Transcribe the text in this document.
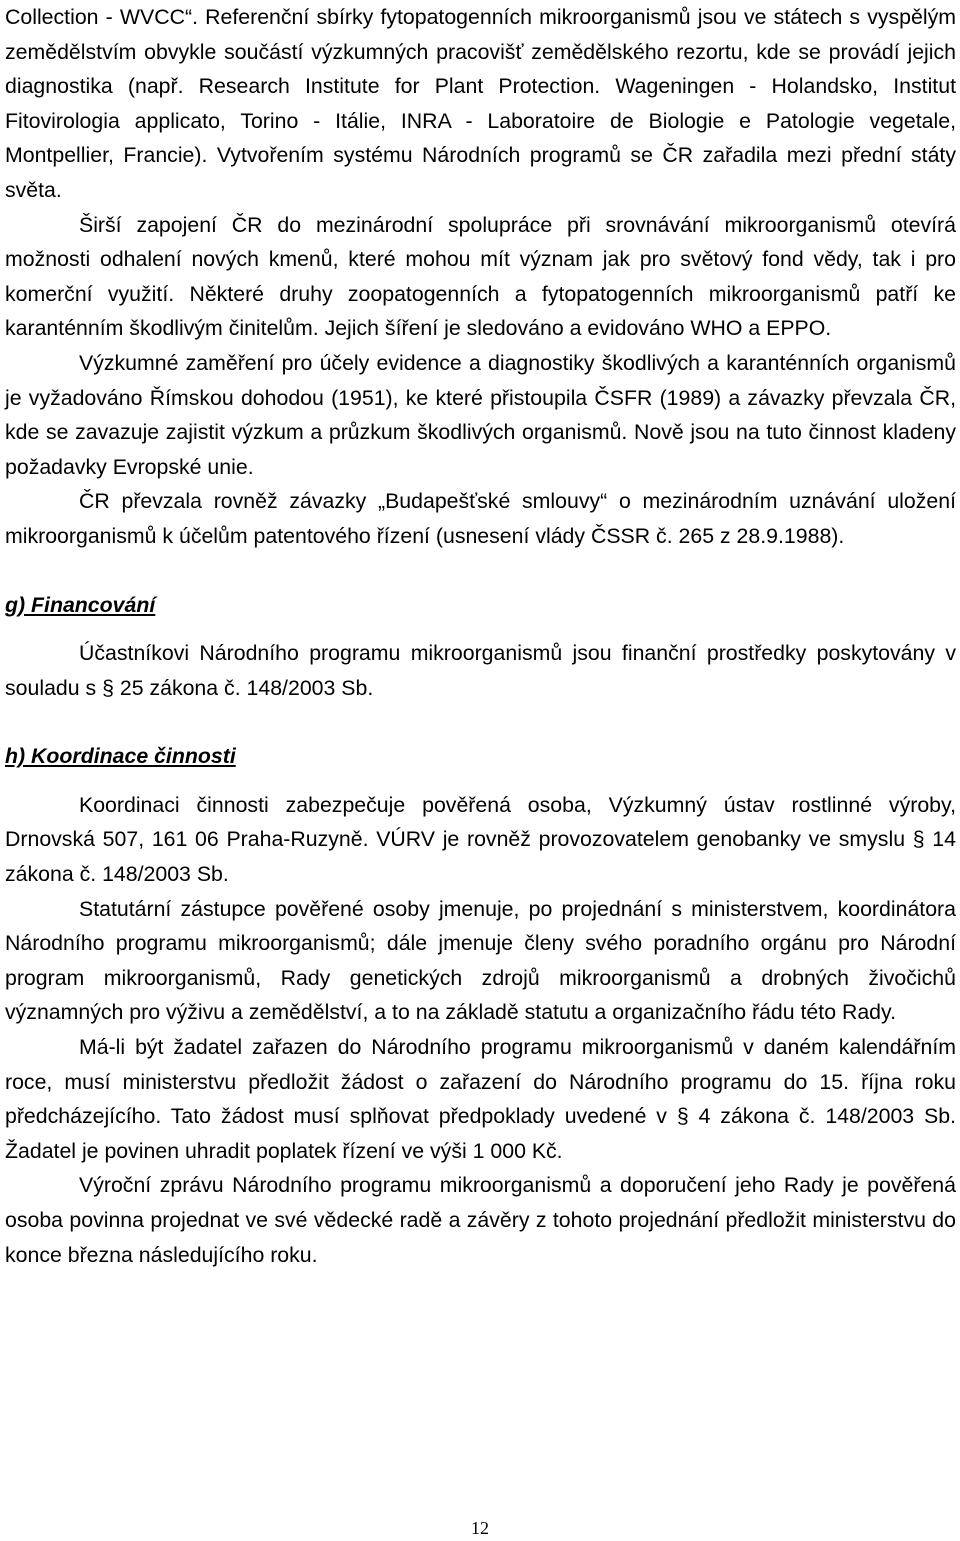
Collection - WVCC“. Referenční sbírky fytopatogenních mikroorganismů jsou ve státech s vyspělým zemědělstvím obvykle součástí výzkumných pracovišť zemědělského rezortu, kde se provádí jejich diagnostika (např. Research Institute for Plant Protection. Wageningen - Holandsko, Institut Fitovirologia applicato, Torino - Itálie, INRA - Laboratoire de Biologie e Patologie vegetale, Montpellier, Francie). Vytvořením systému Národních programů se ČR zařadila mezi přední státy světa.

Širší zapojení ČR do mezinárodní spolupráce při srovnávání mikroorganismů otevírá možnosti odhalení nových kmenů, které mohou mít význam jak pro světový fond vědy, tak i pro komerční využití. Některé druhy zoopatogenních a fytopatogenních mikroorganismů patří ke karanténním škodlivým činitelům. Jejich šíření je sledováno a evidováno WHO a EPPO.

Výzkumné zaměření pro účely evidence a diagnostiky škodlivých a karanténních organismů je vyžadováno Římskou dohodou (1951), ke které přistoupila ČSFR (1989) a závazky převzala ČR, kde se zavazuje zajistit výzkum a průzkum škodlivých organismů. Nově jsou na tuto činnost kladeny požadavky Evropské unie.

ČR převzala rovněž závazky „Budapešťské smlouvy“ o mezinárodním uznávání uložení mikroorganismů k účelům patentového řízení (usnesení vlády ČSSR č. 265 z 28.9.1988).

g) Financování

Účastníkovi Národního programu mikroorganismů jsou finanční prostředky poskytovány v souladu s § 25 zákona č. 148/2003 Sb.

h) Koordinace činnosti

Koordinaci činnosti zabezpečuje pověřená osoba, Výzkumný ústav rostlinné výroby, Drnovská 507, 161 06 Praha-Ruzyně. VÚRV je rovněž provozovatelem genobanky ve smyslu § 14 zákona č. 148/2003 Sb.

Statutární zástupce pověřené osoby jmenuje, po projednání s ministerstvem, koordinátora Národního programu mikroorganismů; dále jmenuje členy svého poradního orgánu pro Národní program mikroorganismů, Rady genetických zdrojů mikroorganismů a drobných živočichů významných pro výživu a zemědělství, a to na základě statutu a organizačního řádu této Rady.

Má-li být žadatel zařazen do Národního programu mikroorganismů v daném kalendářním roce, musí ministerstvu předložit žádost o zařazení do Národního programu do 15. října roku předcházejícího. Tato žádost musí splňovat předpoklady uvedené v § 4 zákona č. 148/2003 Sb. Žadatel je povinen uhradit poplatek řízení ve výši 1 000 Kč.

Výroční zprávu Národního programu mikroorganismů a doporučení jeho Rady je pověřená osoba povinna projednat ve své vědecké radě a závěry z tohoto projednání předložit ministerstvu do konce března následujícího roku.

12
